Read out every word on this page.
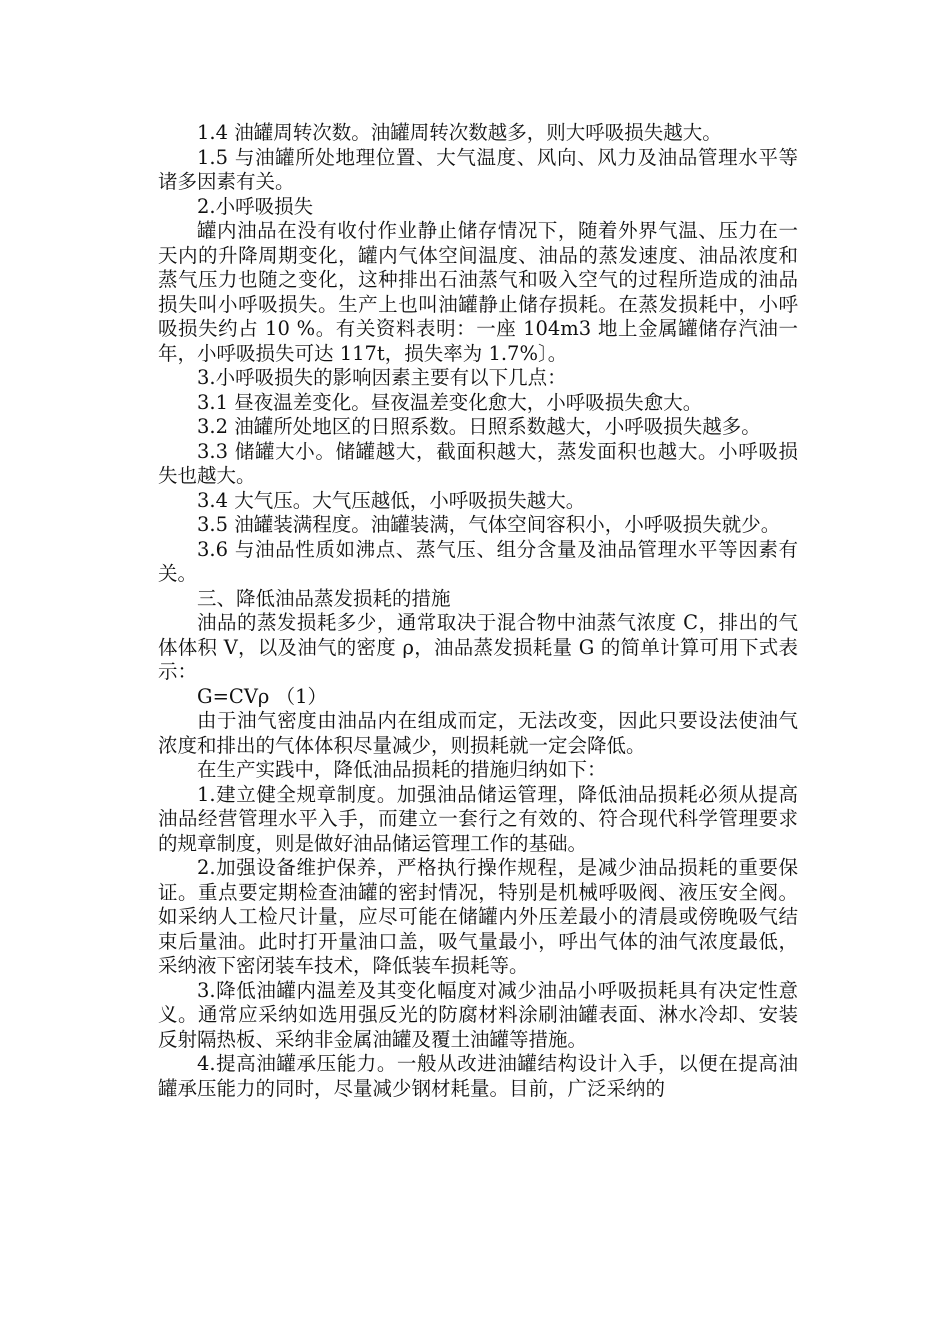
1.4 油罐周转次数。油罐周转次数越多，则大呼吸损失越大。

1.5 与油罐所处地理位置、大气温度、风向、风力及油品管理水平等诸多因素有关。

2.小呼吸损失

罐内油品在没有收付作业静止储存情况下，随着外界气温、压力在一天内的升降周期变化，罐内气体空间温度、油品的蒸发速度、油品浓度和蒸气压力也随之变化，这种排出石油蒸气和吸入空气的过程所造成的油品损失叫小呼吸损失。生产上也叫油罐静止储存损耗。在蒸发损耗中，小呼吸损失约占 10 %。有关资料表明：一座 104m3 地上金属罐储存汽油一年，小呼吸损失可达 117t，损失率为 1.7%〕。

3.小呼吸损失的影响因素主要有以下几点：

3.1 昼夜温差变化。昼夜温差变化愈大，小呼吸损失愈大。

3.2 油罐所处地区的日照系数。日照系数越大，小呼吸损失越多。

3.3 储罐大小。储罐越大，截面积越大，蒸发面积也越大。小呼吸损失也越大。

3.4 大气压。大气压越低，小呼吸损失越大。

3.5 油罐装满程度。油罐装满，气体空间容积小，小呼吸损失就少。

3.6 与油品性质如沸点、蒸气压、组分含量及油品管理水平等因素有关。

三、降低油品蒸发损耗的措施

油品的蒸发损耗多少，通常取决于混合物中油蒸气浓度 C，排出的气体体积 V，以及油气的密度 ρ，油品蒸发损耗量 G 的简单计算可用下式表示：

G=CVρ （1）

由于油气密度由油品内在组成而定，无法改变，因此只要设法使油气浓度和排出的气体体积尽量减少，则损耗就一定会降低。

在生产实践中，降低油品损耗的措施归纳如下：

1.建立健全规章制度。加强油品储运管理，降低油品损耗必须从提高油品经营管理水平入手，而建立一套行之有效的、符合现代科学管理要求的规章制度，则是做好油品储运管理工作的基础。

2.加强设备维护保养，严格执行操作规程，是减少油品损耗的重要保证。重点要定期检查油罐的密封情况，特别是机械呼吸阀、液压安全阀。如采纳人工检尺计量，应尽可能在储罐内外压差最小的清晨或傍晚吸气结束后量油。此时打开量油口盖，吸气量最小，呼出气体的油气浓度最低，采纳液下密闭装车技术，降低装车损耗等。

3.降低油罐内温差及其变化幅度对减少油品小呼吸损耗具有决定性意义。通常应采纳如选用强反光的防腐材料涂刷油罐表面、淋水冷却、安装反射隔热板、采纳非金属油罐及覆土油罐等措施。

4.提高油罐承压能力。一般从改进油罐结构设计入手，以便在提高油罐承压能力的同时，尽量减少钢材耗量。目前，广泛采纳的
